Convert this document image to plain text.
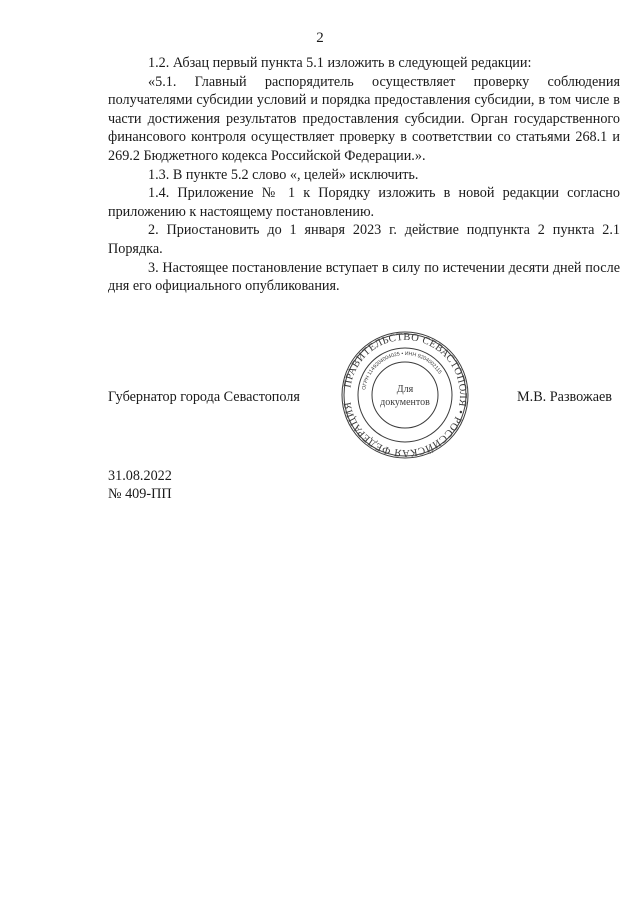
2

1.2. Абзац первый пункта 5.1 изложить в следующей редакции:

«5.1. Главный распорядитель осуществляет проверку соблюдения получателями субсидии условий и порядка предоставления субсидии, в том числе в части достижения результатов предоставления субсидии. Орган государственного финансового контроля осуществляет проверку в соответствии со статьями 268.1 и 269.2 Бюджетного кодекса Российской Федерации.».

1.3. В пункте 5.2 слово «, целей» исключить.

1.4. Приложение № 1 к Порядку изложить в новой редакции согласно приложению к настоящему постановлению.

2. Приостановить до 1 января 2023 г. действие подпункта 2 пункта 2.1 Порядка.

3. Настоящее постановление вступает в силу по истечении десяти дней после дня его официального опубликования.

Губернатор города Севастополя	М.В. Развожаев
ПРАВИТЕЛЬСТВО СЕВАСТОПОЛЯ • РОССИЙСКАЯ ФЕДЕРАЦИЯ
ОГРН 1149204004025 • ИНН 9204002115
Для
документов
31.08.2022
№ 409-ПП
